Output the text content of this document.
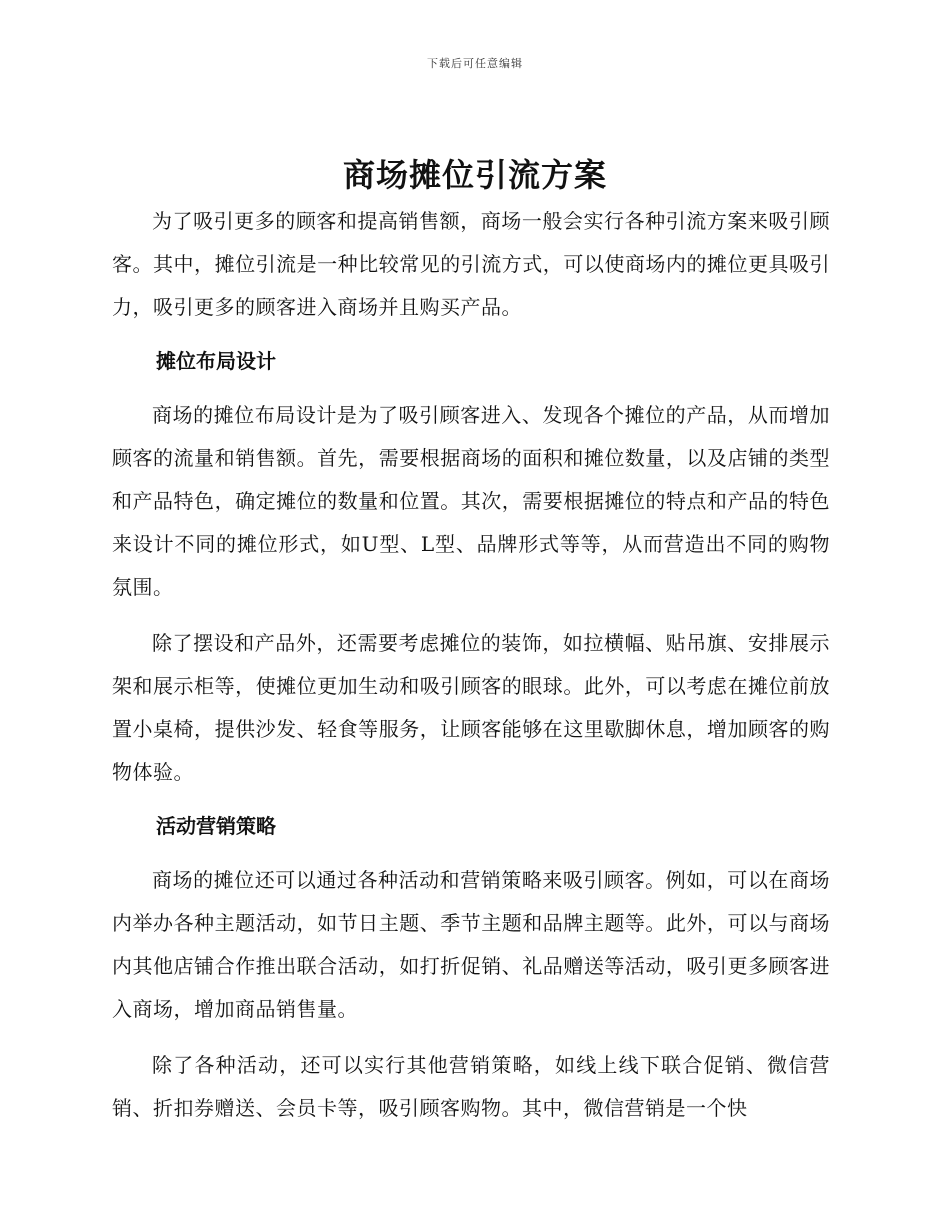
下载后可任意编辑
商场摊位引流方案

为了吸引更多的顾客和提高销售额，商场一般会实行各种引流方案来吸引顾客。其中，摊位引流是一种比较常见的引流方式，可以使商场内的摊位更具吸引力，吸引更多的顾客进入商场并且购买产品。

摊位布局设计

商场的摊位布局设计是为了吸引顾客进入、发现各个摊位的产品，从而增加顾客的流量和销售额。首先，需要根据商场的面积和摊位数量，以及店铺的类型和产品特色，确定摊位的数量和位置。其次，需要根据摊位的特点和产品的特色来设计不同的摊位形式，如U型、L型、品牌形式等等，从而营造出不同的购物氛围。

除了摆设和产品外，还需要考虑摊位的装饰，如拉横幅、贴吊旗、安排展示架和展示柜等，使摊位更加生动和吸引顾客的眼球。此外，可以考虑在摊位前放置小桌椅，提供沙发、轻食等服务，让顾客能够在这里歇脚休息，增加顾客的购物体验。

活动营销策略

商场的摊位还可以通过各种活动和营销策略来吸引顾客。例如，可以在商场内举办各种主题活动，如节日主题、季节主题和品牌主题等。此外，可以与商场内其他店铺合作推出联合活动，如打折促销、礼品赠送等活动，吸引更多顾客进入商场，增加商品销售量。

除了各种活动，还可以实行其他营销策略，如线上线下联合促销、微信营销、折扣券赠送、会员卡等，吸引顾客购物。其中，微信营销是一个快
